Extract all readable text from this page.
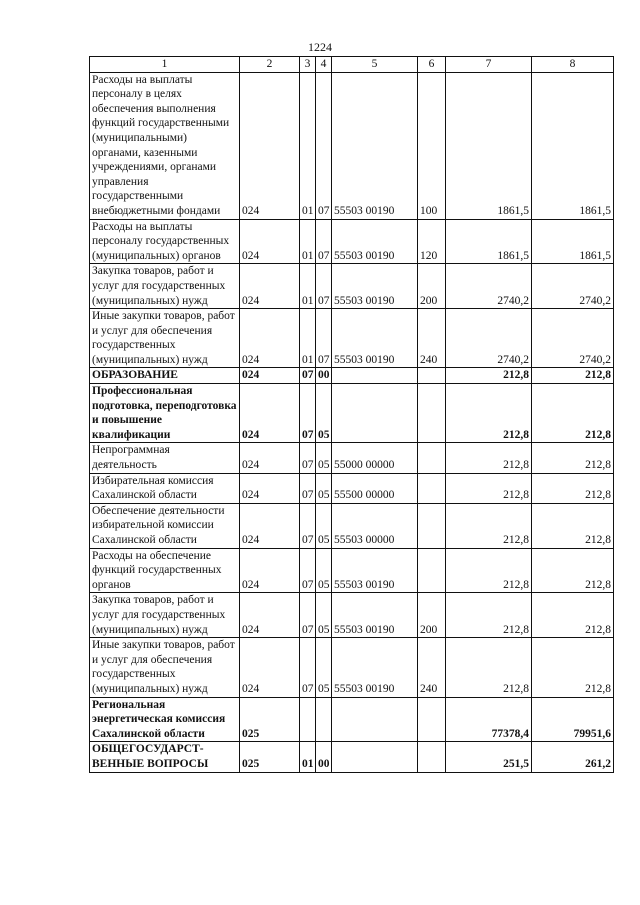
1224
1	2	3	4	5	6	7	8
Расходы на выплаты персоналу в целях обеспечения выполнения функций государственными (муниципальными) органами, казенными учреждениями, органами управления государственными внебюджетными фондами	024	01	07	55503 00190	100	1861,5	1861,5
Расходы на выплаты персоналу государственных (муниципальных) органов	024	01	07	55503 00190	120	1861,5	1861,5
Закупка товаров, работ и услуг для государственных (муниципальных) нужд	024	01	07	55503 00190	200	2740,2	2740,2
Иные закупки товаров, работ и услуг для обеспечения государственных (муниципальных) нужд	024	01	07	55503 00190	240	2740,2	2740,2
ОБРАЗОВАНИЕ	024	07	00			212,8	212,8
Профессиональная подготовка, переподготовка и повышение квалификации	024	07	05			212,8	212,8
Непрограммная деятельность	024	07	05	55000 00000		212,8	212,8
Избирательная комиссия Сахалинской области	024	07	05	55500 00000		212,8	212,8
Обеспечение деятельности избирательной комиссии Сахалинской области	024	07	05	55503 00000		212,8	212,8
Расходы на обеспечение функций государственных органов	024	07	05	55503 00190		212,8	212,8
Закупка товаров, работ и услуг для государственных (муниципальных) нужд	024	07	05	55503 00190	200	212,8	212,8
Иные закупки товаров, работ и услуг для обеспечения государственных (муниципальных) нужд	024	07	05	55503 00190	240	212,8	212,8
Региональная энергетическая комиссия Сахалинской области	025					77378,4	79951,6
ОБЩЕГОСУДАРСТ-ВЕННЫЕ ВОПРОСЫ	025	01	00			251,5	261,2
